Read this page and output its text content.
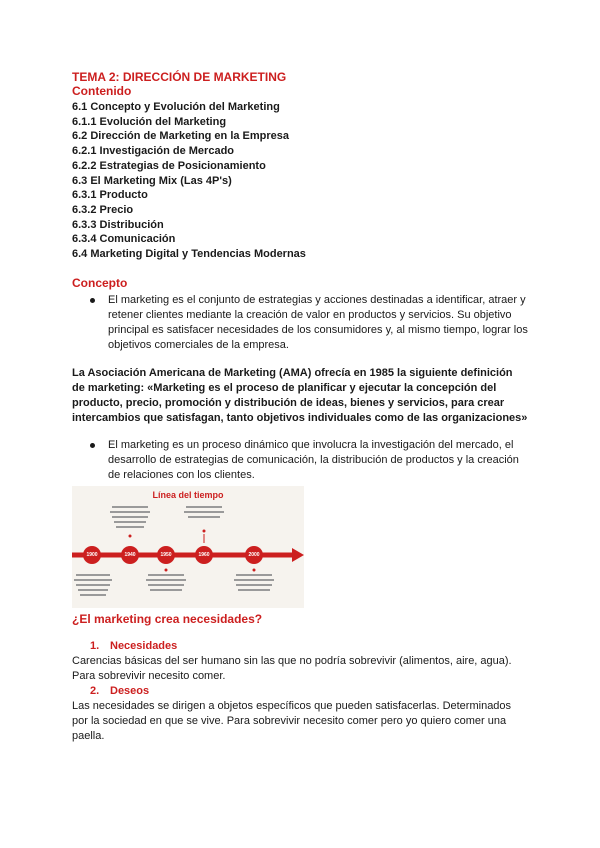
TEMA 2: DIRECCIÓN DE MARKETING
Contenido
6.1 Concepto y Evolución del Marketing
6.1.1 Evolución del Marketing
6.2 Dirección de Marketing en la Empresa
6.2.1 Investigación de Mercado
6.2.2 Estrategias de Posicionamiento
6.3 El Marketing Mix (Las 4P's)
6.3.1 Producto
6.3.2 Precio
6.3.3 Distribución
6.3.4 Comunicación
6.4 Marketing Digital y Tendencias Modernas
Concepto
El marketing es el conjunto de estrategias y acciones destinadas a identificar, atraer y retener clientes mediante la creación de valor en productos y servicios. Su objetivo principal es satisfacer necesidades de los consumidores y, al mismo tiempo, lograr los objetivos comerciales de la empresa.
La Asociación Americana de Marketing (AMA) ofrecía en 1985 la siguiente definición de marketing: «Marketing es el proceso de planificar y ejecutar la concepción del producto, precio, promoción y distribución de ideas, bienes y servicios, para crear intercambios que satisfagan, tanto objetivos individuales como de las organizaciones»
El marketing es un proceso dinámico que involucra la investigación del mercado, el desarrollo de estrategias de comunicación, la distribución de productos y la creación de relaciones con los clientes.
Línea del tiempo
1900	1940	1950	1960	2000
¿El marketing crea necesidades?
1. Necesidades
Carencias básicas del ser humano sin las que no podría sobrevivir (alimentos, aire, agua). Para sobrevivir necesito comer.
2. Deseos
Las necesidades se dirigen a objetos específicos que pueden satisfacerlas. Determinados por la sociedad en que se vive. Para sobrevivir necesito comer pero yo quiero comer una paella.
